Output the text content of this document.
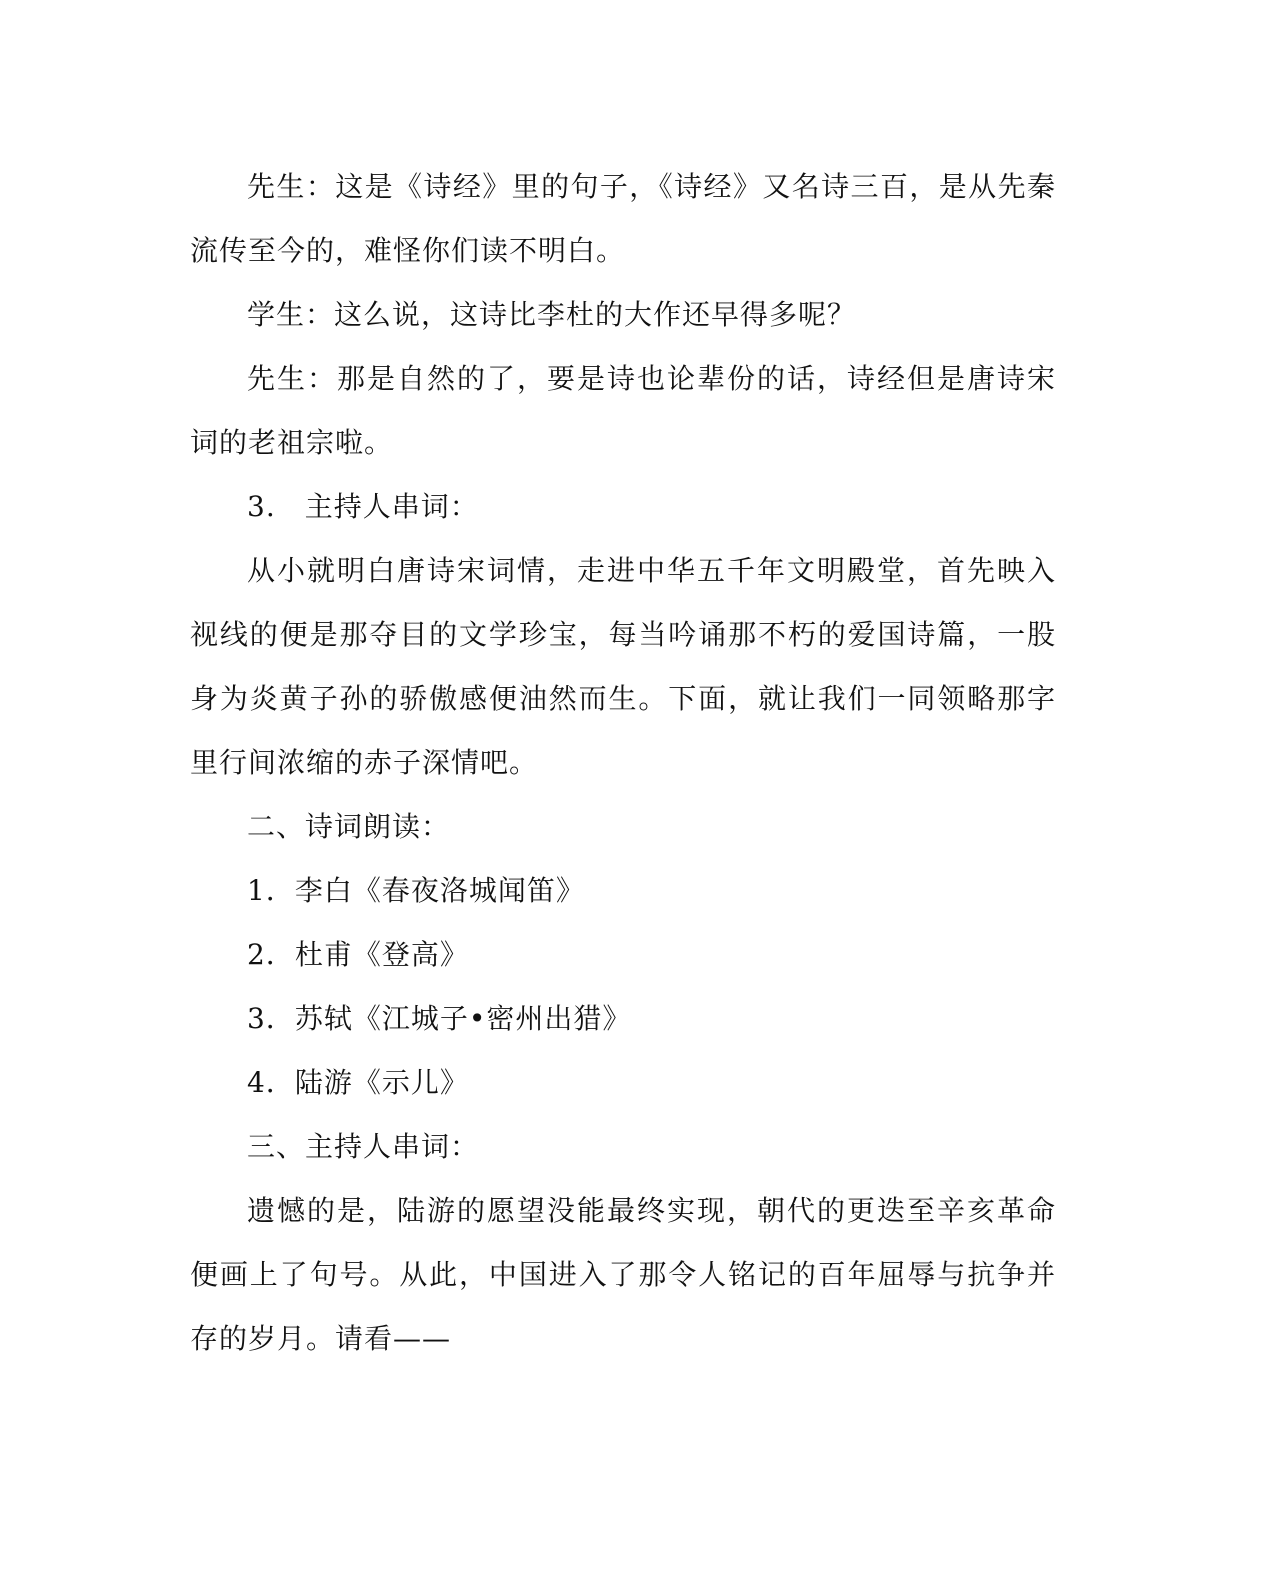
先生：这是《诗经》里的句子，《诗经》又名诗三百，是从先秦流传至今的，难怪你们读不明白。

学生：这么说，这诗比李杜的大作还早得多呢？

先生：那是自然的了，要是诗也论辈份的话，诗经但是唐诗宋词的老祖宗啦。

3.　主持人串词：

从小就明白唐诗宋词情，走进中华五千年文明殿堂，首先映入视线的便是那夺目的文学珍宝，每当吟诵那不朽的爱国诗篇，一股身为炎黄子孙的骄傲感便油然而生。下面，就让我们一同领略那字里行间浓缩的赤子深情吧。

二、诗词朗读：

1．李白《春夜洛城闻笛》

2．杜甫《登高》

3．苏轼《江城子•密州出猎》

4．陆游《示儿》

三、主持人串词：

遗憾的是，陆游的愿望没能最终实现，朝代的更迭至辛亥革命便画上了句号。从此，中国进入了那令人铭记的百年屈辱与抗争并存的岁月。请看——
